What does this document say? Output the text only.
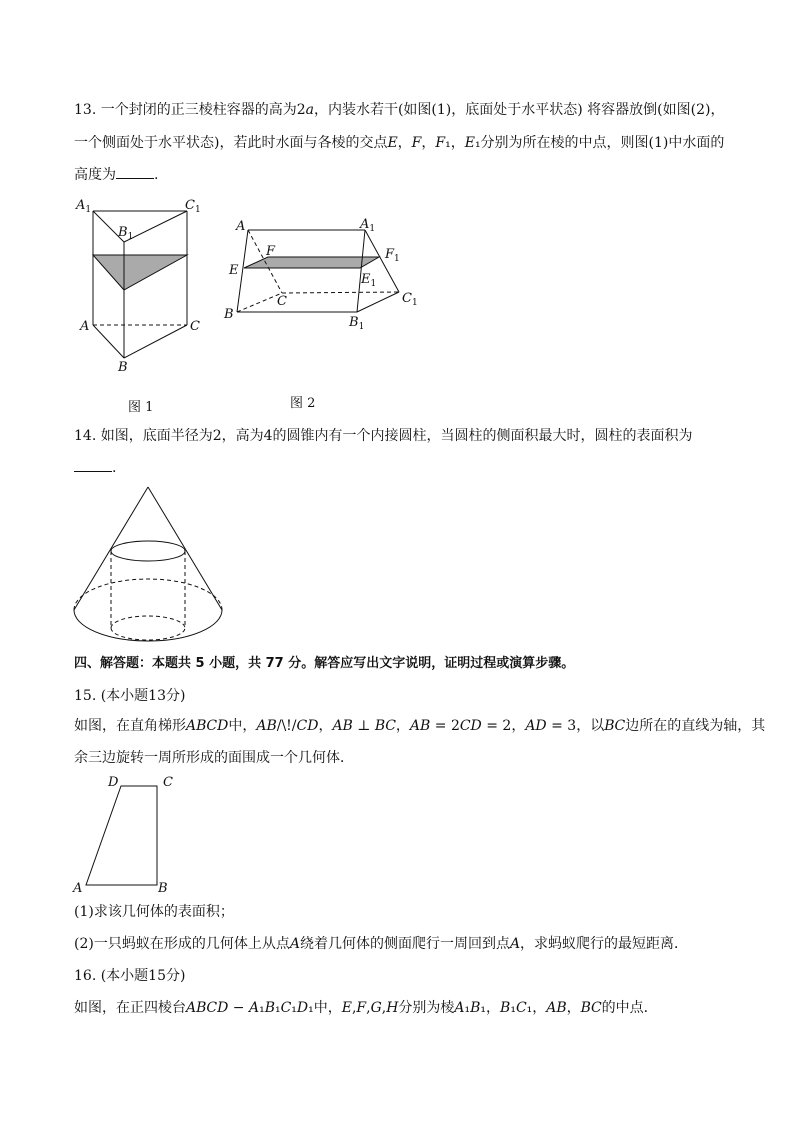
13. 一个封闭的正三棱柱容器的高为2𝑎，内装水若干(如图(1)，底面处于水平状态) 将容器放倒(如图(2)，
一个侧面处于水平状态)，若此时水面与各棱的交点𝐸，𝐹，𝐹₁，𝐸₁分别为所在棱的中点，则图(1)中水面的
高度为	.
$A_1$
$B_1$
$C_1$
A	C
B
图 1
A	$A_1$
F	$F_1$
E
$E_1$
C	$C_1$
B
$B_1$
图 2
14. 如图，底面半径为2，高为4的圆锥内有一个内接圆柱，当圆柱的侧面积最大时，圆柱的表面积为
.
四、解答题：本题共 5 小题，共 77 分。解答应写出文字说明，证明过程或演算步骤。
15. (本小题13分)
如图，在直角梯形𝐴𝐵𝐶𝐷中，𝐴𝐵/\!/𝐶𝐷，𝐴𝐵 ⊥ 𝐵𝐶，𝐴𝐵 = 2𝐶𝐷 = 2，𝐴𝐷 = 3，以𝐵𝐶边所在的直线为轴，其
余三边旋转一周所形成的面围成一个几何体．
D	C
A	B
(1)求该几何体的表面积；
(2)一只蚂蚁在形成的几何体上从点𝐴绕着几何体的侧面爬行一周回到点𝐴，求蚂蚁爬行的最短距离．
16. (本小题15分)
如图，在正四棱台𝐴𝐵𝐶𝐷 − 𝐴₁𝐵₁𝐶₁𝐷₁中，𝐸,𝐹,𝐺,𝐻分别为棱𝐴₁𝐵₁，𝐵₁𝐶₁，𝐴𝐵，𝐵𝐶的中点．
